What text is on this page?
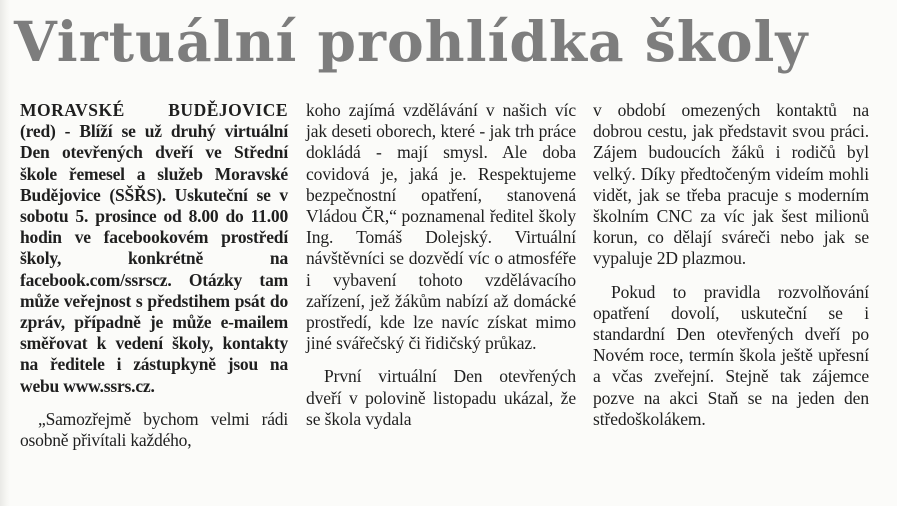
Virtuální prohlídka školy

MORAVSKÉ BUDĚJOVICE (red) - Blíží se už druhý virtuální Den otevřených dveří ve Střední škole řemesel a služeb Moravské Budějovice (SŠŘS). Uskuteční se v sobotu 5. prosince od 8.00 do 11.00 hodin ve facebookovém prostředí školy, konkrétně na facebook.com/ssrscz. Otázky tam může veřejnost s předstihem psát do zpráv, případně je může e-mailem směřovat k vedení školy, kontakty na ředitele i zástupkyně jsou na webu www.ssrs.cz.

„Samozřejmě bychom velmi rádi osobně přivítali každého,

koho zajímá vzdělávání v našich víc jak deseti oborech, které - jak trh práce dokládá - mají smysl. Ale doba covidová je, jaká je. Respektujeme bezpečnostní opatření, stanovená Vládou ČR,“ poznamenal ředitel školy Ing. Tomáš Dolejský. Virtuální návštěvníci se dozvědí víc o atmosféře i vybavení tohoto vzdělávacího zařízení, jež žákům nabízí až domácké prostředí, kde lze navíc získat mimo jiné svářečský či řidičský průkaz.

První virtuální Den otevřených dveří v polovině listopadu ukázal, že se škola vydala

v období omezených kontaktů na dobrou cestu, jak představit svou práci. Zájem budoucích žáků i rodičů byl velký. Díky předtočeným videím mohli vidět, jak se třeba pracuje s moderním školním CNC za víc jak šest milionů korun, co dělají sváreči nebo jak se vypaluje 2D plazmou.

Pokud to pravidla rozvolňování opatření dovolí, uskuteční se i standardní Den otevřených dveří po Novém roce, termín škola ještě upřesní a včas zveřejní. Stejně tak zájemce pozve na akci Staň se na jeden den středoškolákem.
